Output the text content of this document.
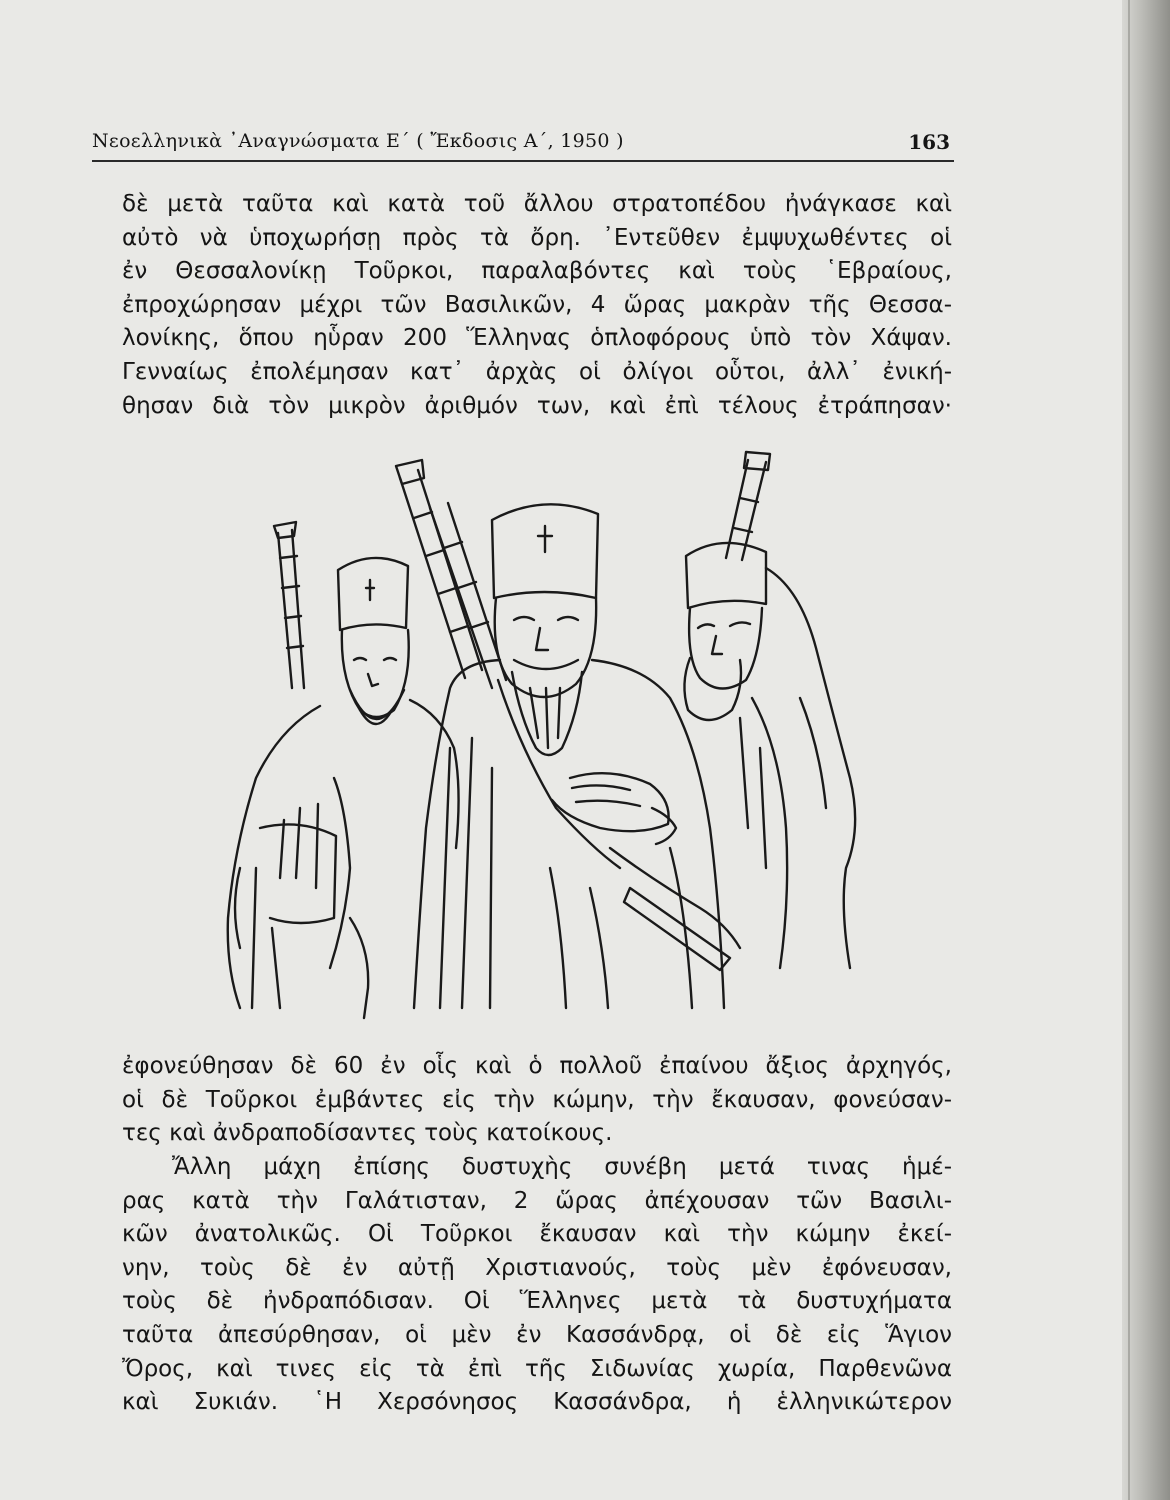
Νεοελληνικὰ ᾿Αναγνώσματα Ε΄ ( Ἔκδοσις Α΄, 1950 )	163
δὲ μετὰ ταῦτα καὶ κατὰ τοῦ ἄλλου στρατοπέδου ἠνάγκασε καὶ
αὐτὸ νὰ ὑποχωρήσῃ πρὸς τὰ ὄρη. ᾿Εντεῦθεν ἐμψυχωθέντες οἱ
ἐν Θεσσαλονίκῃ Τοῦρκοι, παραλαβόντες καὶ τοὺς ῾Εβραίους,
ἐπροχώρησαν μέχρι τῶν Βασιλικῶν, 4 ὥρας μακρὰν τῆς Θεσσα-
λονίκης, ὅπου ηὗραν 200 Ἕλληνας ὁπλοφόρους ὑπὸ τὸν Χάψαν.
Γενναίως ἐπολέμησαν κατ᾿ ἀρχὰς οἱ ὀλίγοι οὗτοι, ἀλλ᾿ ἐνική-
θησαν διὰ τὸν μικρὸν ἀριθμόν των, καὶ ἐπὶ τέλους ἐτράπησαν·
ἐφονεύθησαν δὲ 60 ἐν οἷς καὶ ὁ πολλοῦ ἐπαίνου ἄξιος ἀρχηγός,
οἱ δὲ Τοῦρκοι ἐμβάντες εἰς τὴν κώμην, τὴν ἔκαυσαν, φονεύσαν-
τες καὶ ἀνδραποδίσαντες τοὺς κατοίκους.
Ἄλλη μάχη ἐπίσης δυστυχὴς συνέβη μετά τινας ἡμέ-
ρας κατὰ τὴν Γαλάτισταν, 2 ὥρας ἀπέχουσαν τῶν Βασιλι-
κῶν ἀνατολικῶς. Οἱ Τοῦρκοι ἔκαυσαν καὶ τὴν κώμην ἐκεί-
νην, τοὺς δὲ ἐν αὐτῇ Χριστιανούς, τοὺς μὲν ἐφόνευσαν,
τοὺς δὲ ἠνδραπόδισαν. Οἱ Ἕλληνες μετὰ τὰ δυστυχήματα
ταῦτα ἀπεσύρθησαν, οἱ μὲν ἐν Κασσάνδρᾳ, οἱ δὲ εἰς Ἅγιον
Ὄρος, καὶ τινες εἰς τὰ ἐπὶ τῆς Σιδωνίας χωρία, Παρθενῶνα
καὶ Συκιάν. ῾Η Χερσόνησος Κασσάνδρα, ἡ ἑλληνικώτερον
